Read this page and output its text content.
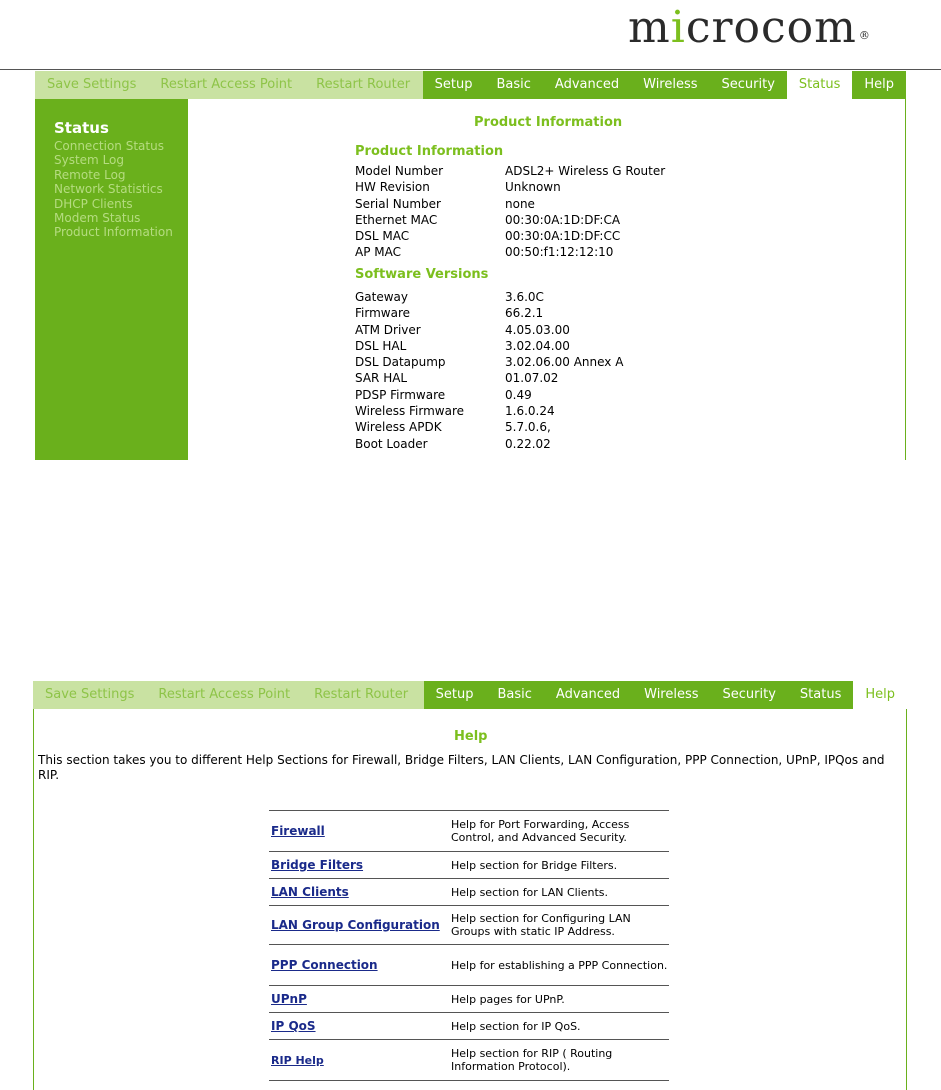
microcom ®
Save Settings	Restart Access Point	Restart Router	Setup	Basic	Advanced	Wireless	Security	Status	Help
Status
Connection Status
System Log
Remote Log
Network Statistics
DHCP Clients
Modem Status
Product Information
Product Information
Product Information
Model Number	ADSL2+ Wireless G Router
HW Revision	Unknown
Serial Number	none
Ethernet MAC	00:30:0A:1D:DF:CA
DSL MAC	00:30:0A:1D:DF:CC
AP MAC	00:50:f1:12:12:10
Software Versions
Gateway	3.6.0C
Firmware	66.2.1
ATM Driver	4.05.03.00
DSL HAL	3.02.04.00
DSL Datapump	3.02.06.00 Annex A
SAR HAL	01.07.02
PDSP Firmware	0.49
Wireless Firmware	1.6.0.24
Wireless APDK	5.7.0.6,
Boot Loader	0.22.02
Save Settings	Restart Access Point	Restart Router	Setup	Basic	Advanced	Wireless	Security	Status	Help
Help
This section takes you to different Help Sections for Firewall, Bridge Filters, LAN Clients, LAN Configuration, PPP Connection, UPnP, IPQos and RIP.
Firewall	Help for Port Forwarding, Access Control, and Advanced Security.
Bridge Filters	Help section for Bridge Filters.
LAN Clients	Help section for LAN Clients.
LAN Group Configuration	Help section for Configuring LAN Groups with static IP Address.
PPP Connection	Help for establishing a PPP Connection.
UPnP	Help pages for UPnP.
IP QoS	Help section for IP QoS.
RIP Help	Help section for RIP ( Routing Information Protocol).
